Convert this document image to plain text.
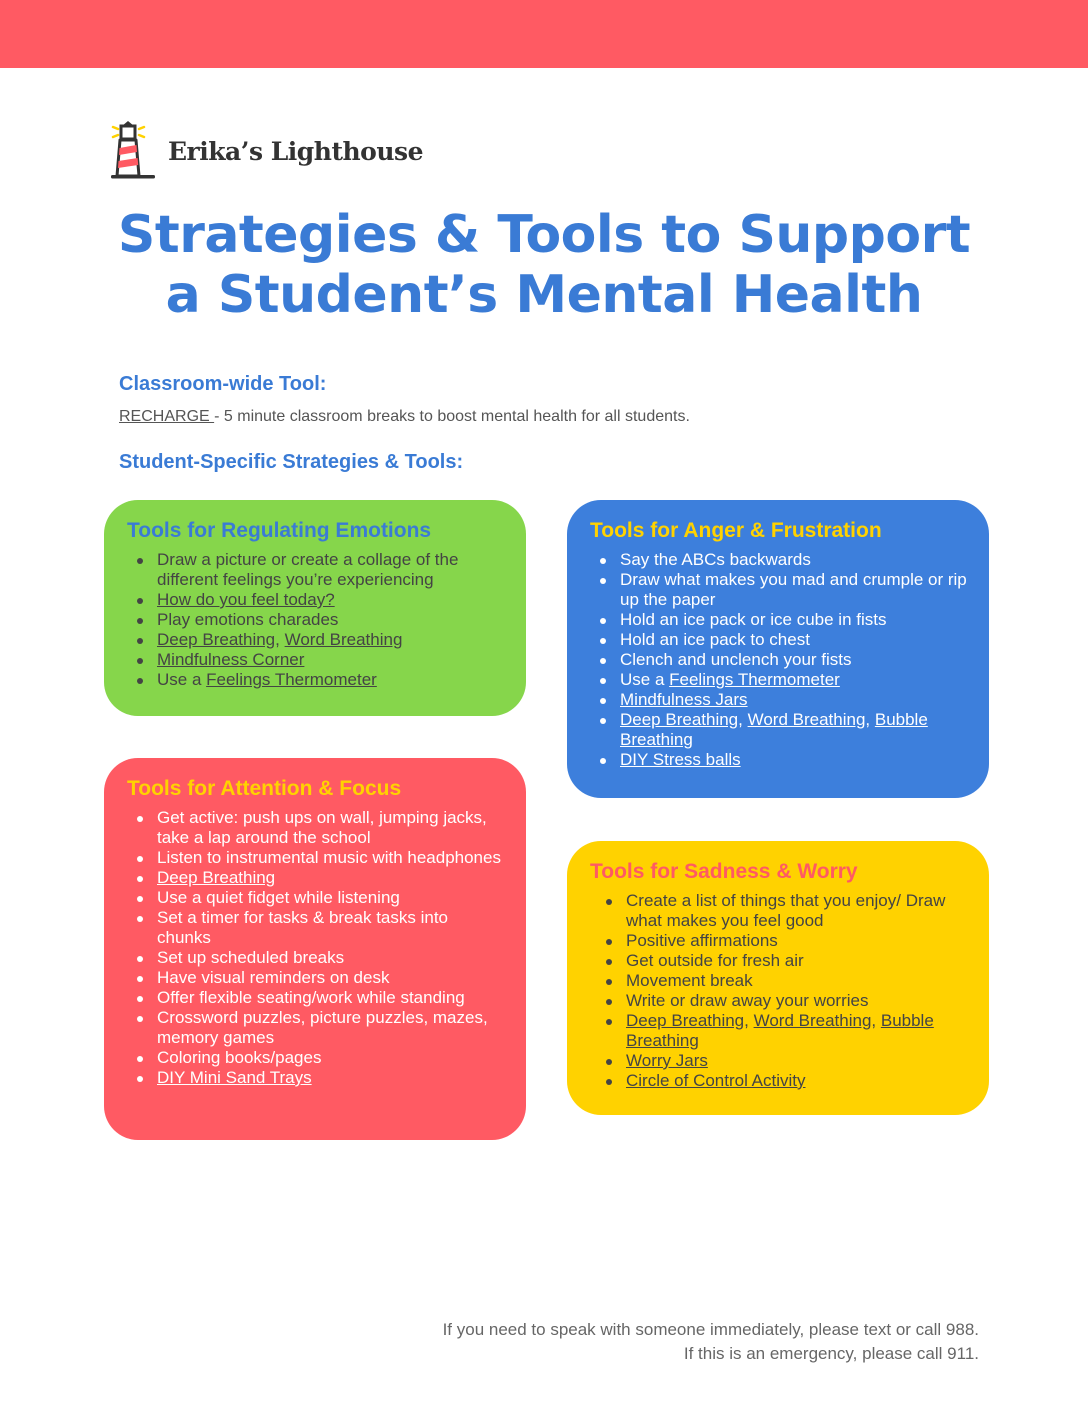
Erika’s Lighthouse
Strategies & Tools to Support
a Student’s Mental Health
Classroom-wide Tool:
RECHARGE - 5 minute classroom breaks to boost mental health for all students.
Student-Specific Strategies & Tools:
Tools for Regulating Emotions
Draw a picture or create a collage of the different feelings you’re experiencing
How do you feel today?
Play emotions charades
Deep Breathing, Word Breathing
Mindfulness Corner
Use a Feelings Thermometer
Tools for Anger & Frustration
Say the ABCs backwards
Draw what makes you mad and crumple or rip up the paper
Hold an ice pack or ice cube in fists
Hold an ice pack to chest
Clench and unclench your fists
Use a Feelings Thermometer
Mindfulness Jars
Deep Breathing, Word Breathing, Bubble Breathing
DIY Stress balls
Tools for Attention & Focus
Get active: push ups on wall, jumping jacks, take a lap around the school
Listen to instrumental music with headphones
Deep Breathing
Use a quiet fidget while listening
Set a timer for tasks & break tasks into chunks
Set up scheduled breaks
Have visual reminders on desk
Offer flexible seating/work while standing
Crossword puzzles, picture puzzles, mazes, memory games
Coloring books/pages
DIY Mini Sand Trays
Tools for Sadness & Worry
Create a list of things that you enjoy/ Draw what makes you feel good
Positive affirmations
Get outside for fresh air
Movement break
Write or draw away your worries
Deep Breathing, Word Breathing, Bubble Breathing
Worry Jars
Circle of Control Activity
If you need to speak with someone immediately, please text or call 988.
If this is an emergency, please call 911.
